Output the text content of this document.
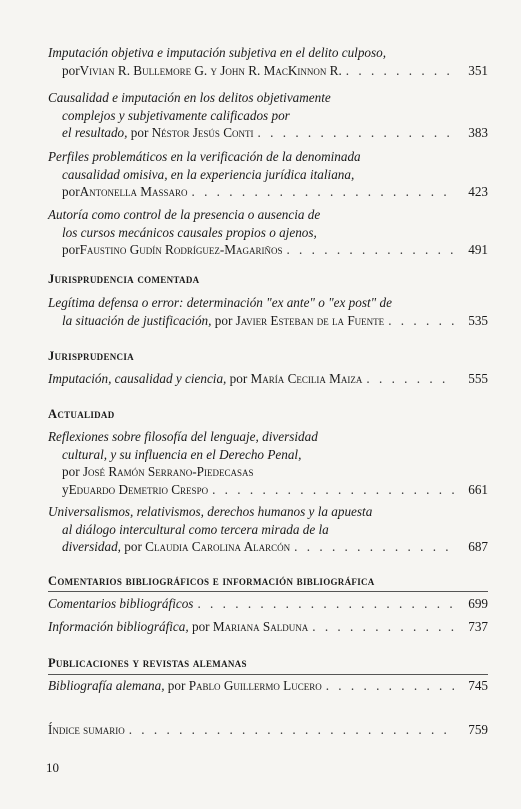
Imputación objetiva e imputación subjetiva en el delito culposo,
por Vivian R. Bullemore G. y John R. MacKinnon R. . . .	351
Causalidad e imputación en los delitos objetivamente
complejos y subjetivamente calificados por
el resultado, por Néstor Jesús Conti . . .	383
Perfiles problemáticos en la verificación de la denominada
causalidad omisiva, en la experiencia jurídica italiana,
por Antonella Massaro . . .	423
Autoría como control de la presencia o ausencia de
los cursos mecánicos causales propios o ajenos,
por Faustino Gudín Rodríguez-Magariños . . .	491
Jurisprudencia comentada
Legítima defensa o error: determinación "ex ante" o "ex post" de
la situación de justificación, por Javier Esteban de la Fuente . . .	535
Jurisprudencia
Imputación, causalidad y ciencia, por María Cecilia Maiza . . .	555
Actualidad
Reflexiones sobre filosofía del lenguaje, diversidad
cultural, y su influencia en el Derecho Penal,
por José Ramón Serrano-Piedecasas
y Eduardo Demetrio Crespo . . .	661
Universalismos, relativismos, derechos humanos y la apuesta
al diálogo intercultural como tercera mirada de la
diversidad, por Claudia Carolina Alarcón . . .	687
Comentarios bibliográficos e información bibliográfica
Comentarios bibliográficos . . .	699
Información bibliográfica, por Mariana Salduna . . .	737
Publicaciones y revistas alemanas
Bibliografía alemana, por Pablo Guillermo Lucero . . .	745
Índice sumario . . .	759
10
